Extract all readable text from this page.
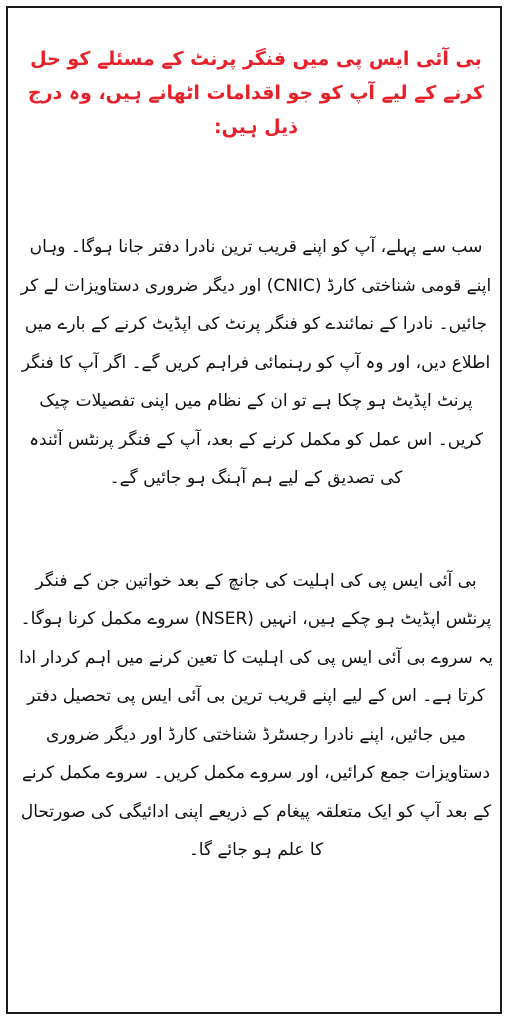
بی آئی ایس پی میں فنگر پرنٹ کے مسئلے کو حل کرنے کے لیے آپ کو جو اقدامات اٹھانے ہیں، وہ درج ذیل ہیں:

سب سے پہلے، آپ کو اپنے قریب ترین نادرا دفتر جانا ہوگا۔ وہاں اپنے قومی شناختی کارڈ (CNIC) اور دیگر ضروری دستاویزات لے کر جائیں۔ نادرا کے نمائندے کو فنگر پرنٹ کی اپڈیٹ کرنے کے بارے میں اطلاع دیں، اور وہ آپ کو رہنمائی فراہم کریں گے۔ اگر آپ کا فنگر پرنٹ اپڈیٹ ہو چکا ہے تو ان کے نظام میں اپنی تفصیلات چیک کریں۔ اس عمل کو مکمل کرنے کے بعد، آپ کے فنگر پرنٹس آئندہ کی تصدیق کے لیے ہم آہنگ ہو جائیں گے۔

بی آئی ایس پی کی اہلیت کی جانچ کے بعد خواتین جن کے فنگر پرنٹس اپڈیٹ ہو چکے ہیں، انہیں (NSER) سروے مکمل کرنا ہوگا۔ یہ سروے بی آئی ایس پی کی اہلیت کا تعین کرنے میں اہم کردار ادا کرتا ہے۔ اس کے لیے اپنے قریب ترین بی آئی ایس پی تحصیل دفتر میں جائیں، اپنے نادرا رجسٹرڈ شناختی کارڈ اور دیگر ضروری دستاویزات جمع کرائیں، اور سروے مکمل کریں۔ سروے مکمل کرنے کے بعد آپ کو ایک متعلقہ پیغام کے ذریعے اپنی ادائیگی کی صورتحال کا علم ہو جائے گا۔
